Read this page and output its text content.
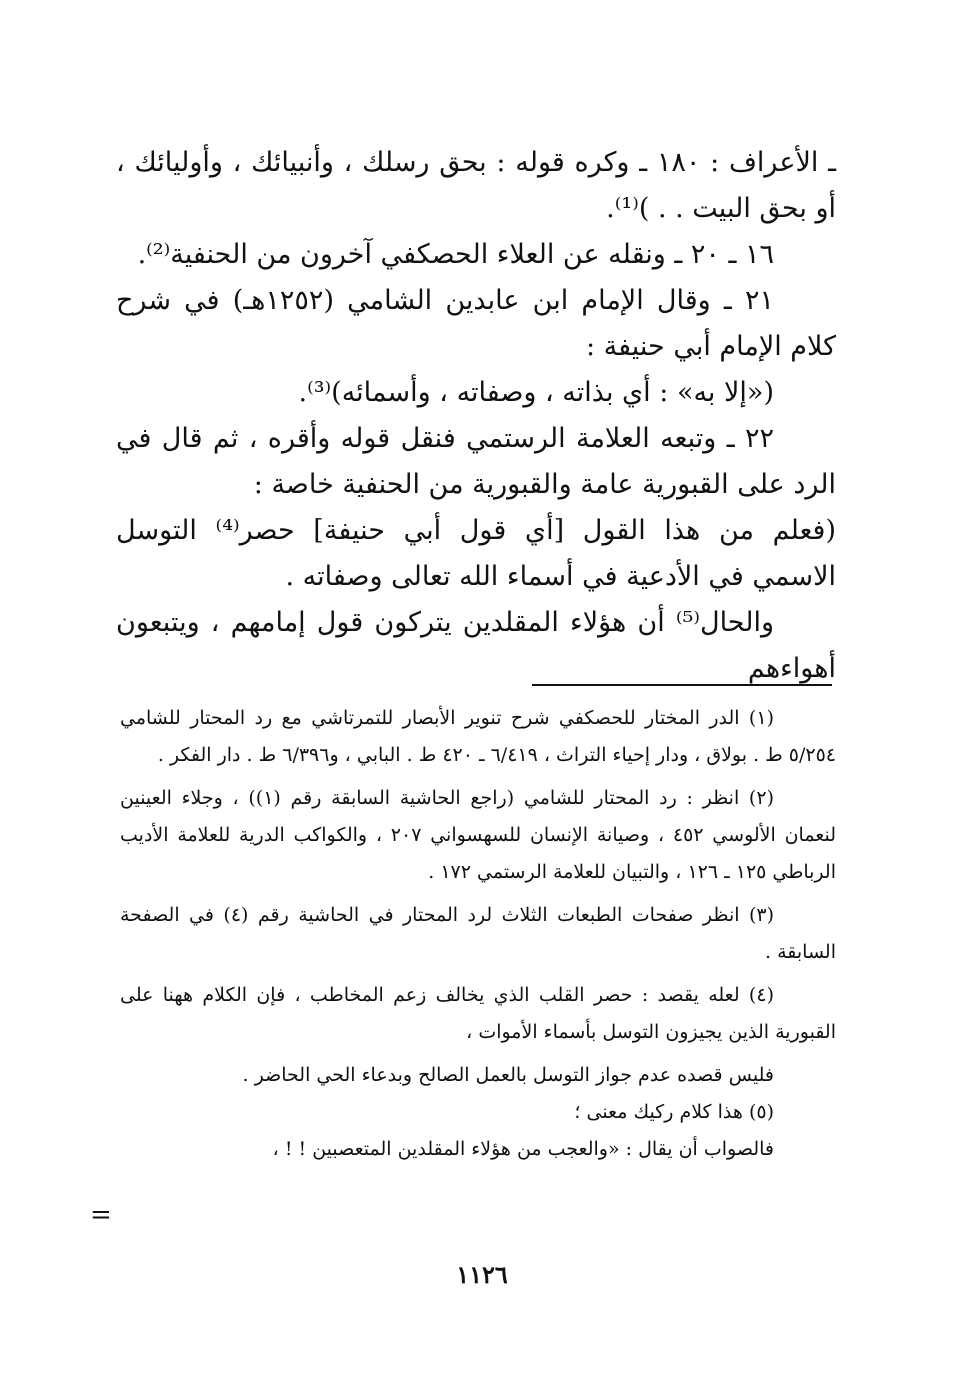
ـ الأعراف : ١٨٠ ـ وكره قوله : بحق رسلك ، وأنبيائك ، وأوليائك ، أو بحق البيت . . )⁽¹⁾.

١٦ ـ ٢٠ ـ ونقله عن العلاء الحصكفي آخرون من الحنفية⁽²⁾.

٢١ ـ وقال الإمام ابن عابدين الشامي (١٢٥٢هـ) في شرح كلام الإمام أبي حنيفة :

(«إلا به» : أي بذاته ، وصفاته ، وأسمائه)⁽³⁾.

٢٢ ـ وتبعه العلامة الرستمي فنقل قوله وأقره ، ثم قال في الرد على القبورية عامة والقبورية من الحنفية خاصة :

(فعلم من هذا القول [أي قول أبي حنيفة] حصر⁽⁴⁾ التوسل الاسمي في الأدعية في أسماء الله تعالى وصفاته .

والحال⁽⁵⁾ أن هؤلاء المقلدين يتركون قول إمامهم ، ويتبعون أهواءهم

(١) الدر المختار للحصكفي شرح تنوير الأبصار للتمرتاشي مع رد المحتار للشامي ٥/٢٥٤ ط . بولاق ، ودار إحياء التراث ، ٦/٤١٩ ـ ٤٢٠ ط . البابي ، و٦/٣٩٦ ط . دار الفكر .

(٢) انظر : رد المحتار للشامي (راجع الحاشية السابقة رقم (١)) ، وجلاء العينين لنعمان الألوسي ٤٥٢ ، وصيانة الإنسان للسهسواني ٢٠٧ ، والكواكب الدرية للعلامة الأديب الرباطي ١٢٥ ـ ١٢٦ ، والتبيان للعلامة الرستمي ١٧٢ .

(٣) انظر صفحات الطبعات الثلاث لرد المحتار في الحاشية رقم (٤) في الصفحة السابقة .

(٤) لعله يقصد : حصر القلب الذي يخالف زعم المخاطب ، فإن الكلام ههنا على القبورية الذين يجيزون التوسل بأسماء الأموات ،

فليس قصده عدم جواز التوسل بالعمل الصالح وبدعاء الحي الحاضر .

(٥) هذا كلام ركيك معنى ؛

فالصواب أن يقال : «والعجب من هؤلاء المقلدين المتعصبين ! ! ،

=
١١٢٦
